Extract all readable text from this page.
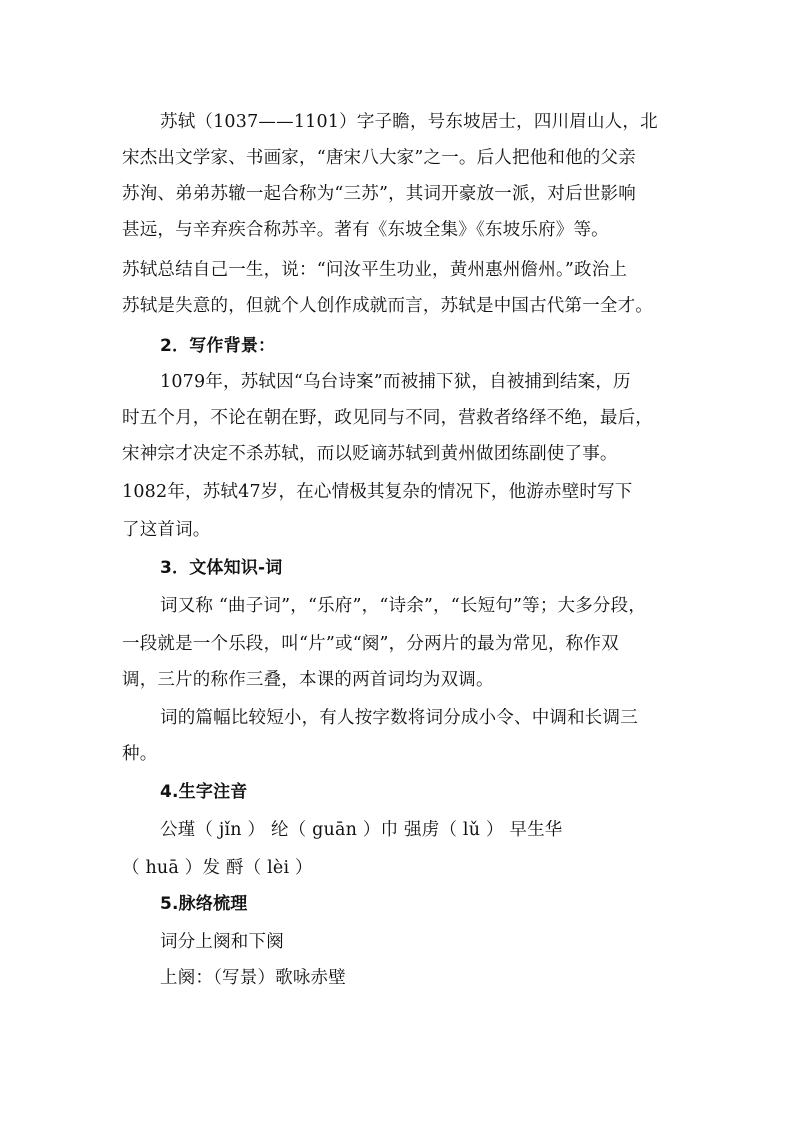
苏轼（1037——1101）字子瞻，号东坡居士，四川眉山人，北
宋杰出文学家、书画家，“唐宋八大家”之一。后人把他和他的父亲
苏洵、弟弟苏辙一起合称为“三苏”，其词开豪放一派，对后世影响
甚远，与辛弃疾合称苏辛。著有《东坡全集》《东坡乐府》等。
苏轼总结自己一生，说：“问汝平生功业，黄州惠州儋州。”政治上
苏轼是失意的，但就个人创作成就而言，苏轼是中国古代第一全才。
2．写作背景：
1079年，苏轼因“乌台诗案”而被捕下狱，自被捕到结案，历
时五个月，不论在朝在野，政见同与不同，营救者络绎不绝，最后，
宋神宗才决定不杀苏轼，而以贬谪苏轼到黄州做团练副使了事。
1082年，苏轼47岁，在心情极其复杂的情况下，他游赤壁时写下
了这首词。
3．文体知识-词
词又称 “曲子词”，“乐府”，“诗余”，“长短句”等；大多分段，
一段就是一个乐段，叫“片”或“阕”，分两片的最为常见，称作双
调，三片的称作三叠，本课的两首词均为双调。
词的篇幅比较短小，有人按字数将词分成小令、中调和长调三
种。
4.生字注音
公瑾（ jǐn ） 纶（ guān ）巾 强虏（ lǔ ） 早生华
（ huā ）发 酹（ lèi ）
5.脉络梳理
词分上阕和下阕
上阕：（写景）歌咏赤壁
